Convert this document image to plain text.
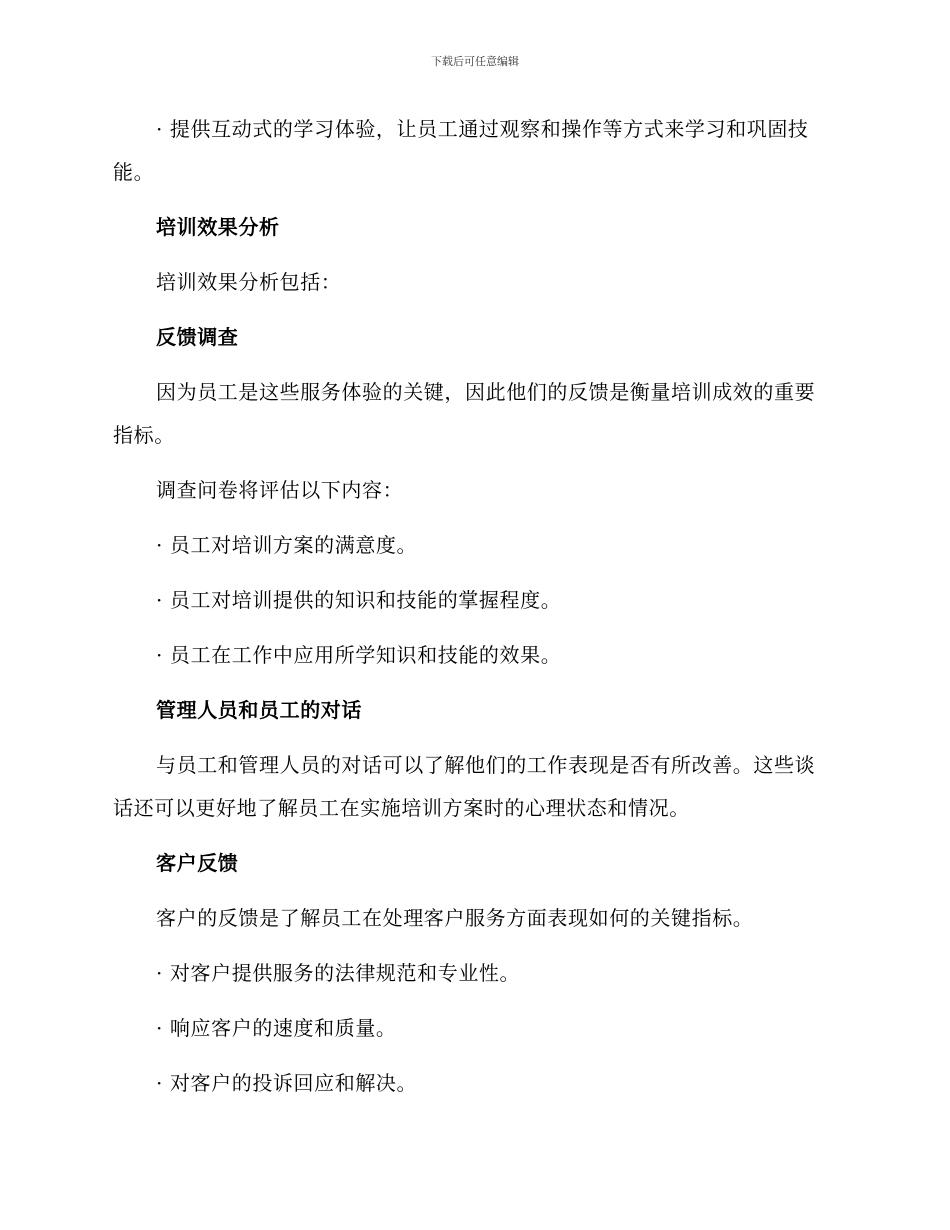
下载后可任意编辑

· 提供互动式的学习体验，让员工通过观察和操作等方式来学习和巩固技能。

培训效果分析

培训效果分析包括：

反馈调查

因为员工是这些服务体验的关键，因此他们的反馈是衡量培训成效的重要指标。

调查问卷将评估以下内容：

· 员工对培训方案的满意度。

· 员工对培训提供的知识和技能的掌握程度。

· 员工在工作中应用所学知识和技能的效果。

管理人员和员工的对话

与员工和管理人员的对话可以了解他们的工作表现是否有所改善。这些谈话还可以更好地了解员工在实施培训方案时的心理状态和情况。

客户反馈

客户的反馈是了解员工在处理客户服务方面表现如何的关键指标。

· 对客户提供服务的法律规范和专业性。

· 响应客户的速度和质量。

· 对客户的投诉回应和解决。
